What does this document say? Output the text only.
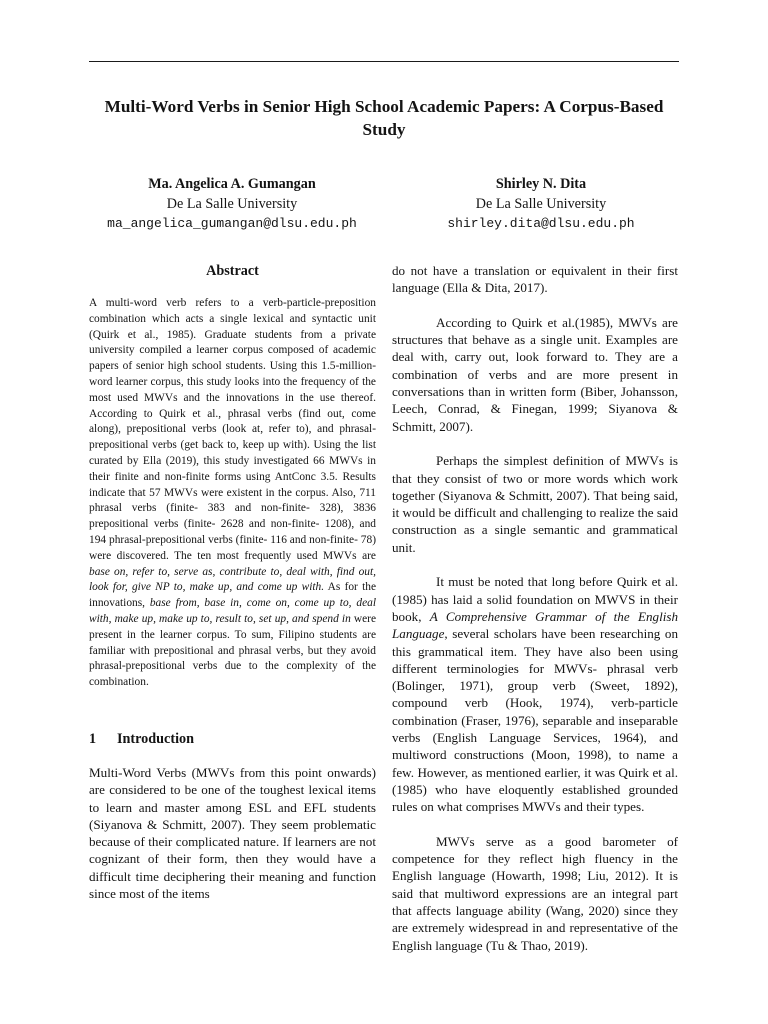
Multi-Word Verbs in Senior High School Academic Papers: A Corpus-Based Study
Ma. Angelica A. Gumangan
De La Salle University
ma_angelica_gumangan@dlsu.edu.ph
Shirley N. Dita
De La Salle University
shirley.dita@dlsu.edu.ph
Abstract

A multi-word verb refers to a verb-particle-preposition combination which acts a single lexical and syntactic unit (Quirk et al., 1985). Graduate students from a private university compiled a learner corpus composed of academic papers of senior high school students. Using this 1.5-million-word learner corpus, this study looks into the frequency of the most used MWVs and the innovations in the use thereof. According to Quirk et al., phrasal verbs (find out, come along), prepositional verbs (look at, refer to), and phrasal-prepositional verbs (get back to, keep up with). Using the list curated by Ella (2019), this study investigated 66 MWVs in their finite and non-finite forms using AntConc 3.5. Results indicate that 57 MWVs were existent in the corpus. Also, 711 phrasal verbs (finite- 383 and non-finite- 328), 3836 prepositional verbs (finite- 2628 and non-finite- 1208), and 194 phrasal-prepositional verbs (finite- 116 and non-finite- 78) were discovered. The ten most frequently used MWVs are base on, refer to, serve as, contribute to, deal with, find out, look for, give NP to, make up, and come up with. As for the innovations, base from, base in, come on, come up to, deal with, make up, make up to, result to, set up, and spend in were present in the learner corpus. To sum, Filipino students are familiar with prepositional and phrasal verbs, but they avoid phrasal-prepositional verbs due to the complexity of the combination.

1 Introduction

Multi-Word Verbs (MWVs from this point onwards) are considered to be one of the toughest lexical items to learn and master among ESL and EFL students (Siyanova & Schmitt, 2007). They seem problematic because of their complicated nature. If learners are not cognizant of their form, then they would have a difficult time deciphering their meaning and function since most of the items

do not have a translation or equivalent in their first language (Ella & Dita, 2017).

According to Quirk et al.(1985), MWVs are structures that behave as a single unit. Examples are deal with, carry out, look forward to. They are a combination of verbs and are more present in conversations than in written form (Biber, Johansson, Leech, Conrad, & Finegan, 1999; Siyanova & Schmitt, 2007).

Perhaps the simplest definition of MWVs is that they consist of two or more words which work together (Siyanova & Schmitt, 2007). That being said, it would be difficult and challenging to realize the said construction as a single semantic and grammatical unit.

It must be noted that long before Quirk et al. (1985) has laid a solid foundation on MWVS in their book, A Comprehensive Grammar of the English Language, several scholars have been researching on this grammatical item. They have also been using different terminologies for MWVs- phrasal verb (Bolinger, 1971), group verb (Sweet, 1892), compound verb (Hook, 1974), verb-particle combination (Fraser, 1976), separable and inseparable verbs (English Language Services, 1964), and multiword constructions (Moon, 1998), to name a few. However, as mentioned earlier, it was Quirk et al. (1985) who have eloquently established grounded rules on what comprises MWVs and their types.

MWVs serve as a good barometer of competence for they reflect high fluency in the English language (Howarth, 1998; Liu, 2012). It is said that multiword expressions are an integral part that affects language ability (Wang, 2020) since they are extremely widespread in and representative of the English language (Tu & Thao, 2019).
